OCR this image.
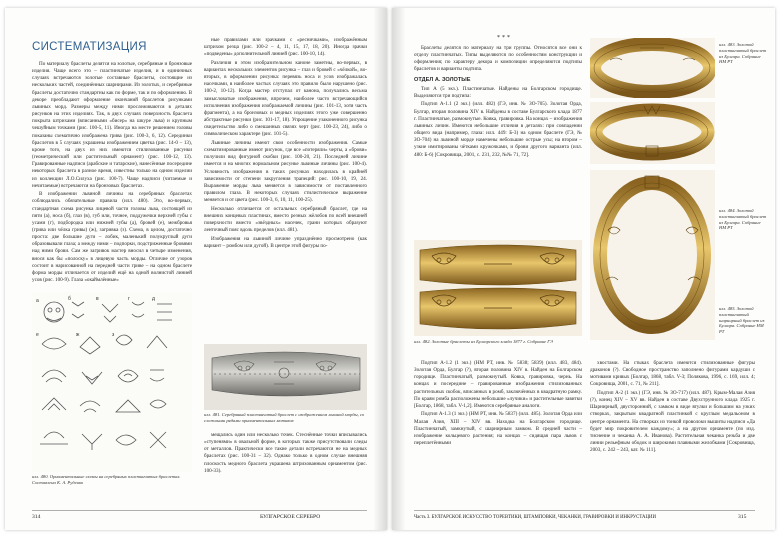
СИСТЕМАТИЗАЦИЯ

По материалу браслеты делятся на золотые, серебряные и бронзовые изделия. Чаще всего это – пластинчатые изделия, и в единичных случаях встречаются золотые составные браслеты, состоящие из нескольких частей, соединённых шарнирами. Из золотых, и серебряные браслеты достаточно стандартны как по форме, так и по оформлению. В декоре преобладают оформление окончаний браслетов рисунками львиных морд. Размеры между ними прослеживаются в деталях рисунков на этих изделиях. Так, в двух случаях поверхность браслета покрыта штрихами (вписанными «бисер» на шкуре льва) и крупным чешуйным точками (рис. 100-5, 11). Иногда на месте решением головы показаны схематично изображена грива (рис. 100-3, 6, 12). Серединки браслетов в 5 случаях украшены изображением цветка (рис. 14-0 – 13), кроме того, на двух из них имеются стилизованные рисунки (геометрический или растительный орнамент) (рис. 100-12, 13). Гравированные надписи (арабские и татарские), нанесённые посередине некоторых браслета в разное время, известны только на одном изделии из коллекции Л.О.Силуха (рис. 100-7). Чаще надписи (читаемые и нечитаемые) встречаются на бронзовых браслетах.

В изображении львиной личины на серебряных браслетах соблюдались обязательные правила (илл. 480). Это, во-первых, стандартная схема рисунка лицевой части головы льва, состоящей из пяти (а), носа (б), глаз (в), губ или, точнее, поддужечки верхней губы с усами (г), подбородка или нижней губы (д), бровей (е), межбровья (грива или чёлка гривы) (ж), загривка (з). Схема, в целом, достаточно проста: две большие дуги – лобик, маленький полукруглый дуги образовывали глаза; а между ними – подпорки, подстриженные бровями над ними брови. Сам же загривок мастер вносил в четыре изменения, внося как бы «полоску» в лицевую часть морды. Отличие от узоров состоит в нарисованной на передней части гриве – на одном браслете форма морды отличается от изделий ещё на одной волнистой линией усов (рис. 100-9). Глаза «окаймлённые»

ные правилами или зрачками с «ресничками», изображённым штрихом резца (рис. 100-2 – 4, 11, 15, 17, 18, 20). Иногда зрачки «подведены» дополнительной линией (рис. 100-10, 14).

Различия в этом изобразительном канонe заметны, во-первых, в вариантах нескольких элементов рисунка – глаз и бровей с «чёлкой», во-вторых, в оформлении рисунка: перевязь носа и усов изображалась насечками, в наиболее частых случаях это правило было нарушено (рис. 100-2, 10-12). Когда мастер отступал от канона, получались весьма замысловатые изображения, впрочем, наиболее часто встречающийся исполнения изображения изображаемой личины (рис. 101-13, хотя часть фрагмента), а на бронзовых и медных изделиях этого уже совершенно абстрактные рисунки (рис. 101-17, 18). Упрощение узаконенного рисунка свидетельство либо о смешанных связях черт (рис. 100-23, 24), либо о символическом характере (рис. 101-5).

Львиные личины имеют свои особенности изображения. Самые схематизированные имеют рисунок, где все «потеряли» черты, а «брови» получили вид фигурной скобки (рис. 100-20, 21). Последней личине имеется и на многих нормальном рисунке львиные личины (рис. 100-4). Условность изображения в таких рисунках находилась в крайней зависимости от степени закругления трапеций: рис. 100-10, 19, 24. Выражение морды льва меняется в зависимости от поставленного правилом глаза. В некоторых случаях стилистическое выражение меняется и от цвета (рис. 100-3, 6, 10, 11, 100-25).

Несколько отличается от остальных серебряный браслет, где на внешних концевых пластинах, вместо резных жёлобов по всей внешней поверхности вместо «звёздных» насечек, грани которых образуют ленточный пояс вдоль пределов (илл. 481).

Изображения на львиной личине упразднённо просмотрено (как вариант – ромбом или дугой). В центре этой фигуры по-

а	б	в	г	д
е	ж	з
илл. 480. Орнаментальные схемы на серебряных пластинчатых браслетах. Составлена К. А. Руденко
илл. 481. Серебряный пластинчатый браслет с изображением львиной морды, со сложными рядами орнаментальных мотивов

мещались один или несколько точек. Стеснённые точки вписывались «ступенями» в овальной форме, в которых также присутствовали следы от металлов. Практически все такие детали встречаются не на медных браслетах (рис. 100-31 – 32). Однако только в одном случае внешняя плоскость медного браслета украшена штрихованным орнаментом (рис. 100-33).

314	БУЛГАРСКОЕ СЕРЕБРО
***

Браслеты делятся по материалу на три группы. Относятся все они к отделу пластинчатых. Типы выделяются по особенностям конструкции и оформления; по характеру декора и композиции определяются подтипы браслетов и варианты подтипа.

ОТДЕЛ А. ЗОЛОТЫЕ

Тип А (5 экз.). Пластинчатые. Найдены на Болгарском городище. Выделяются три подтипа:

Подтип А-1.1 (2 экз.) (илл. 482) (ГЭ, инв. № ЗО-705). Золотая Орда, Булгар, вторая половина XIV в. Найдены в составе Булгарского клада 1877 г. Пластинчатые, размокнутые. Ковка, гравировка. На концах – изображения львиных личин. Имеются небольшие отличия в деталях: при совпадении общего вида (например, глаза: илл. 449: Б-3) на одном браслете (ГЭ, № ЗО-704) на львиной морде намечены небольшие острые усы; на втором – узкие имитированы чётками кружочками, и брови другого варианта (илл. 480: Б-6) [Сокровища, 2001, с. 231, 232, №№ 71, 72].

илл. 482. Золотые браслеты из Булгарского клада 1877 г. Собрание ГЭ
илл. 483. Золотой пластинчатый браслет из Булгара. Собрание НМ РТ
илл. 484. Золотой пластинчатый браслет из Булгара. Собрание НМ РТ
илл. 485. Золотой пластинчатый шарнирный браслет из Булгара. Собрание НМ РТ

Подтип А-1.2 (1 экз.) (НМ РТ, инв. № 5838; 5839) (илл. 483, 484). Золотая Орда, Булгар (?), вторая половина XIV в. Найден на Болгарском городище. Пластинчатый, размокнутый. Ковка, гравировка, чернь. На концах и посередине – гравированные изображения стилизованных растительных скобок, вписанных в ромб, заключённых в квадратную рамку. По краям ромба расположены небольшие «лучики» и растительные завитки [Болгар, 1868, табл. V-1,2]. Имеются серебряные аналоги.

Подтип А-1.3 (1 экз.) (НМ РТ, инв. № 5837) (илл. 485). Золотая Орда или Малая Азия, XIII – XIV вв. Находка на Болгарском городище. Пластинчатый, замкнутый, с шарнирным замком. В средней части – изображение кольцевого растения; на концах – сидящая пара львов с переплетёнными

хвостами. На стыках браслета имеются стилизованные фигуры драконов (?). Свободное пространство заполнено фигурами кардуши с мотивами кривых [Болгар, 1868, табл. V-3; Полякова, 1996, с. 169, илл. 4; Сокровища, 2001, с. 71, № 211].

Подтип А-2 (1 экз.) (ГЭ, инв. № ЗО-717) (илл. 487). Крым-Малая Азия (?), конец XIV – XV вв. Найден в составе Двухструнного клада 1925 г. Шарнирный, двусторонний, с замком в виде втулки и большим на узких створках, закрытым квадратной пластинкой с круглым медальоном в центре орнамента. На створках из тонкой проволоки вышиты надписи «Да будет мир покровителем каждому»; а на другом орнаменте (по изд. тиснение и чеканка А. А. Иванова). Растительная чеканка резьба и две линии рельефным ободок и широкими плавными желобками [Сокровища, 2003, с. 242 – 243, кат. № 111].

Часть 3. БУЛГАРСКОЕ ИСКУССТВО ТОРЕВТИКИ, ШТАМПОВКИ, ЧЕКАНКИ, ГРАВИРОВКИ И ИНКРУСТАЦИИ	315
